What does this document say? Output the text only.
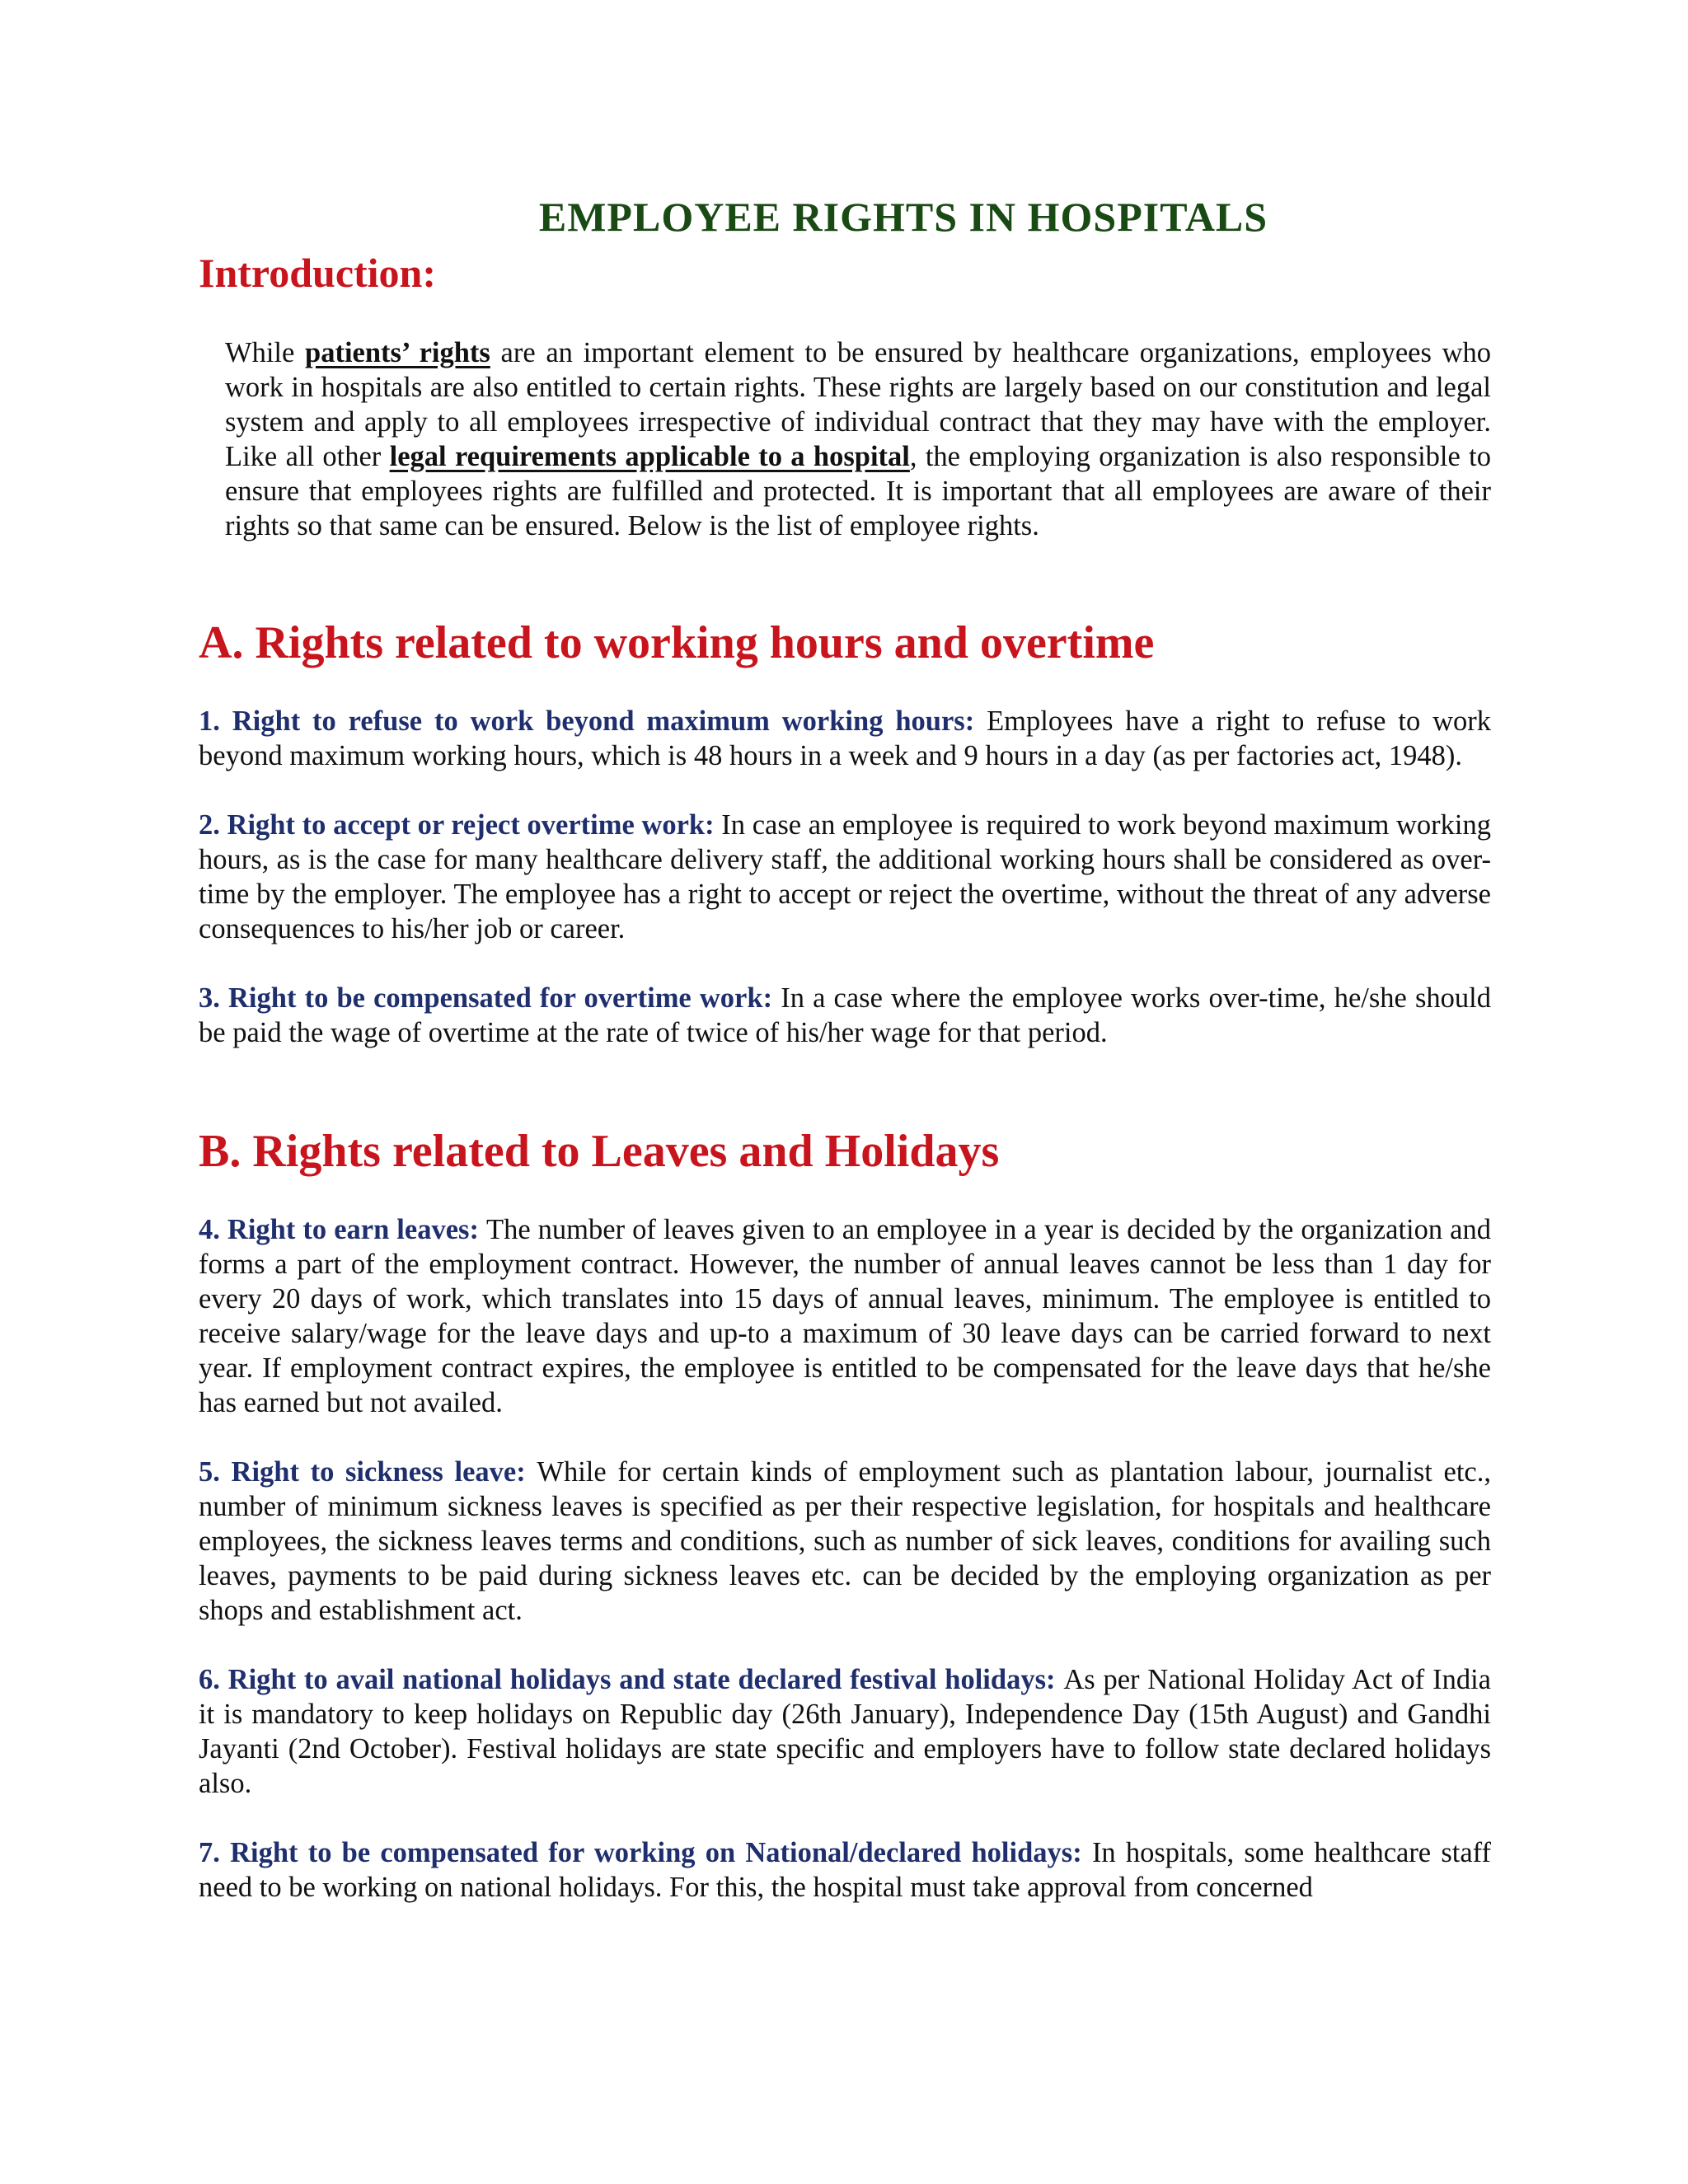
EMPLOYEE RIGHTS IN HOSPITALS
Introduction:

While patients’ rights are an important element to be ensured by healthcare organizations, employees who work in hospitals are also entitled to certain rights. These rights are largely based on our constitution and legal system and apply to all employees irrespective of individual contract that they may have with the employer. Like all other legal requirements applicable to a hospital, the employing organization is also responsible to ensure that employees rights are fulfilled and protected. It is important that all employees are aware of their rights so that same can be ensured. Below is the list of employee rights.

A. Rights related to working hours and overtime

1. Right to refuse to work beyond maximum working hours: Employees have a right to refuse to work beyond maximum working hours, which is 48 hours in a week and 9 hours in a day (as per factories act, 1948).

2. Right to accept or reject overtime work: In case an employee is required to work beyond maximum working hours, as is the case for many healthcare delivery staff, the additional working hours shall be considered as over-time by the employer. The employee has a right to accept or reject the overtime, without the threat of any adverse consequences to his/her job or career.

3. Right to be compensated for overtime work: In a case where the employee works over-time, he/she should be paid the wage of overtime at the rate of twice of his/her wage for that period.

B. Rights related to Leaves and Holidays

4. Right to earn leaves: The number of leaves given to an employee in a year is decided by the organization and forms a part of the employment contract. However, the number of annual leaves cannot be less than 1 day for every 20 days of work, which translates into 15 days of annual leaves, minimum. The employee is entitled to receive salary/wage for the leave days and up-to a maximum of 30 leave days can be carried forward to next year. If employment contract expires, the employee is entitled to be compensated for the leave days that he/she has earned but not availed.

5. Right to sickness leave: While for certain kinds of employment such as plantation labour, journalist etc., number of minimum sickness leaves is specified as per their respective legislation, for hospitals and healthcare employees, the sickness leaves terms and conditions, such as number of sick leaves, conditions for availing such leaves, payments to be paid during sickness leaves etc. can be decided by the employing organization as per shops and establishment act.

6. Right to avail national holidays and state declared festival holidays: As per National Holiday Act of India it is mandatory to keep holidays on Republic day (26th January), Independence Day (15th August) and Gandhi Jayanti (2nd October). Festival holidays are state specific and employers have to follow state declared holidays also.

7. Right to be compensated for working on National/declared holidays: In hospitals, some healthcare staff need to be working on national holidays. For this, the hospital must take approval from concerned
